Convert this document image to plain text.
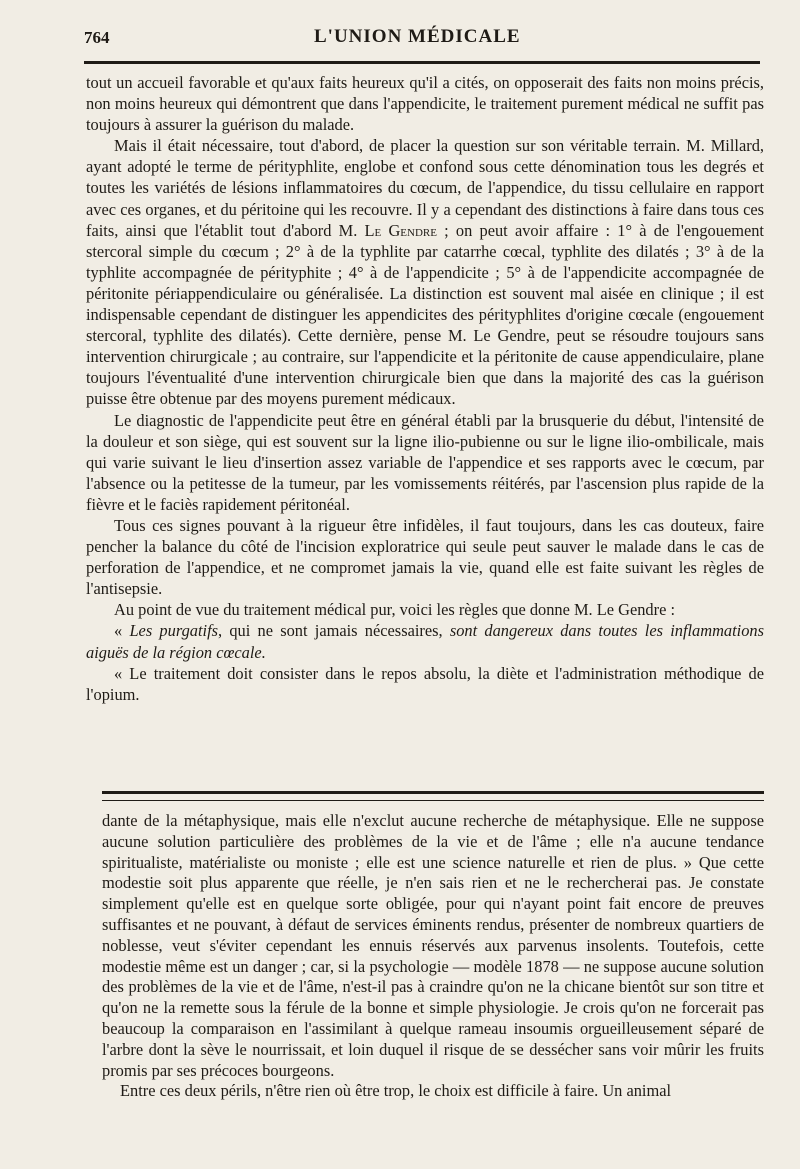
764	L'UNION MÉDICALE

tout un accueil favorable et qu'aux faits heureux qu'il a cités, on opposerait des faits non moins précis, non moins heureux qui démontrent que dans l'appendicite, le traitement purement médical ne suffit pas toujours à assurer la guérison du malade.

Mais il était nécessaire, tout d'abord, de placer la question sur son véritable terrain. M. Millard, ayant adopté le terme de pérityphlite, englobe et confond sous cette dénomination tous les degrés et toutes les variétés de lésions inflammatoires du cœcum, de l'appendice, du tissu cellulaire en rapport avec ces organes, et du péritoine qui les recouvre. Il y a cependant des distinctions à faire dans tous ces faits, ainsi que l'établit tout d'abord M. Le Gendre ; on peut avoir affaire : 1° à de l'engouement stercoral simple du cœcum ; 2° à de la typhlite par catarrhe cœcal, typhlite des dilatés ; 3° à de la typhlite accompagnée de pérityphite ; 4° à de l'appendicite ; 5° à de l'appendicite accompagnée de péritonite périappendiculaire ou généralisée. La distinction est souvent mal aisée en clinique ; il est indispensable cependant de distinguer les appendicites des pérityphlites d'origine cœcale (engouement stercoral, typhlite des dilatés). Cette dernière, pense M. Le Gendre, peut se résoudre toujours sans intervention chirurgicale ; au contraire, sur l'appendicite et la péritonite de cause appendiculaire, plane toujours l'éventualité d'une intervention chirurgicale bien que dans la majorité des cas la guérison puisse être obtenue par des moyens purement médicaux.

Le diagnostic de l'appendicite peut être en général établi par la brusquerie du début, l'intensité de la douleur et son siège, qui est souvent sur la ligne ilio-pubienne ou sur le ligne ilio-ombilicale, mais qui varie suivant le lieu d'insertion assez variable de l'appendice et ses rapports avec le cœcum, par l'absence ou la petitesse de la tumeur, par les vomissements réitérés, par l'ascension plus rapide de la fièvre et le faciès rapidement péritonéal.

Tous ces signes pouvant à la rigueur être infidèles, il faut toujours, dans les cas douteux, faire pencher la balance du côté de l'incision exploratrice qui seule peut sauver le malade dans le cas de perforation de l'appendice, et ne compromet jamais la vie, quand elle est faite suivant les règles de l'antisepsie.

Au point de vue du traitement médical pur, voici les règles que donne M. Le Gendre :

« Les purgatifs, qui ne sont jamais nécessaires, sont dangereux dans toutes les inflammations aiguës de la région cœcale.

« Le traitement doit consister dans le repos absolu, la diète et l'administration méthodique de l'opium.

dante de la métaphysique, mais elle n'exclut aucune recherche de métaphysique. Elle ne suppose aucune solution particulière des problèmes de la vie et de l'âme ; elle n'a aucune tendance spiritualiste, matérialiste ou moniste ; elle est une science naturelle et rien de plus. » Que cette modestie soit plus apparente que réelle, je n'en sais rien et ne le rechercherai pas. Je constate simplement qu'elle est en quelque sorte obligée, pour qui n'ayant point fait encore de preuves suffisantes et ne pouvant, à défaut de services éminents rendus, présenter de nombreux quartiers de noblesse, veut s'éviter cependant les ennuis réservés aux parvenus insolents. Toutefois, cette modestie même est un danger ; car, si la psychologie — modèle 1878 — ne suppose aucune solution des problèmes de la vie et de l'âme, n'est-il pas à craindre qu'on ne la chicane bientôt sur son titre et qu'on ne la remette sous la férule de la bonne et simple physiologie. Je crois qu'on ne forcerait pas beaucoup la comparaison en l'assimilant à quelque rameau insoumis orgueilleusement séparé de l'arbre dont la sève le nourrissait, et loin duquel il risque de se dessécher sans voir mûrir les fruits promis par ses précoces bourgeons.

Entre ces deux périls, n'être rien où être trop, le choix est difficile à faire. Un animal
